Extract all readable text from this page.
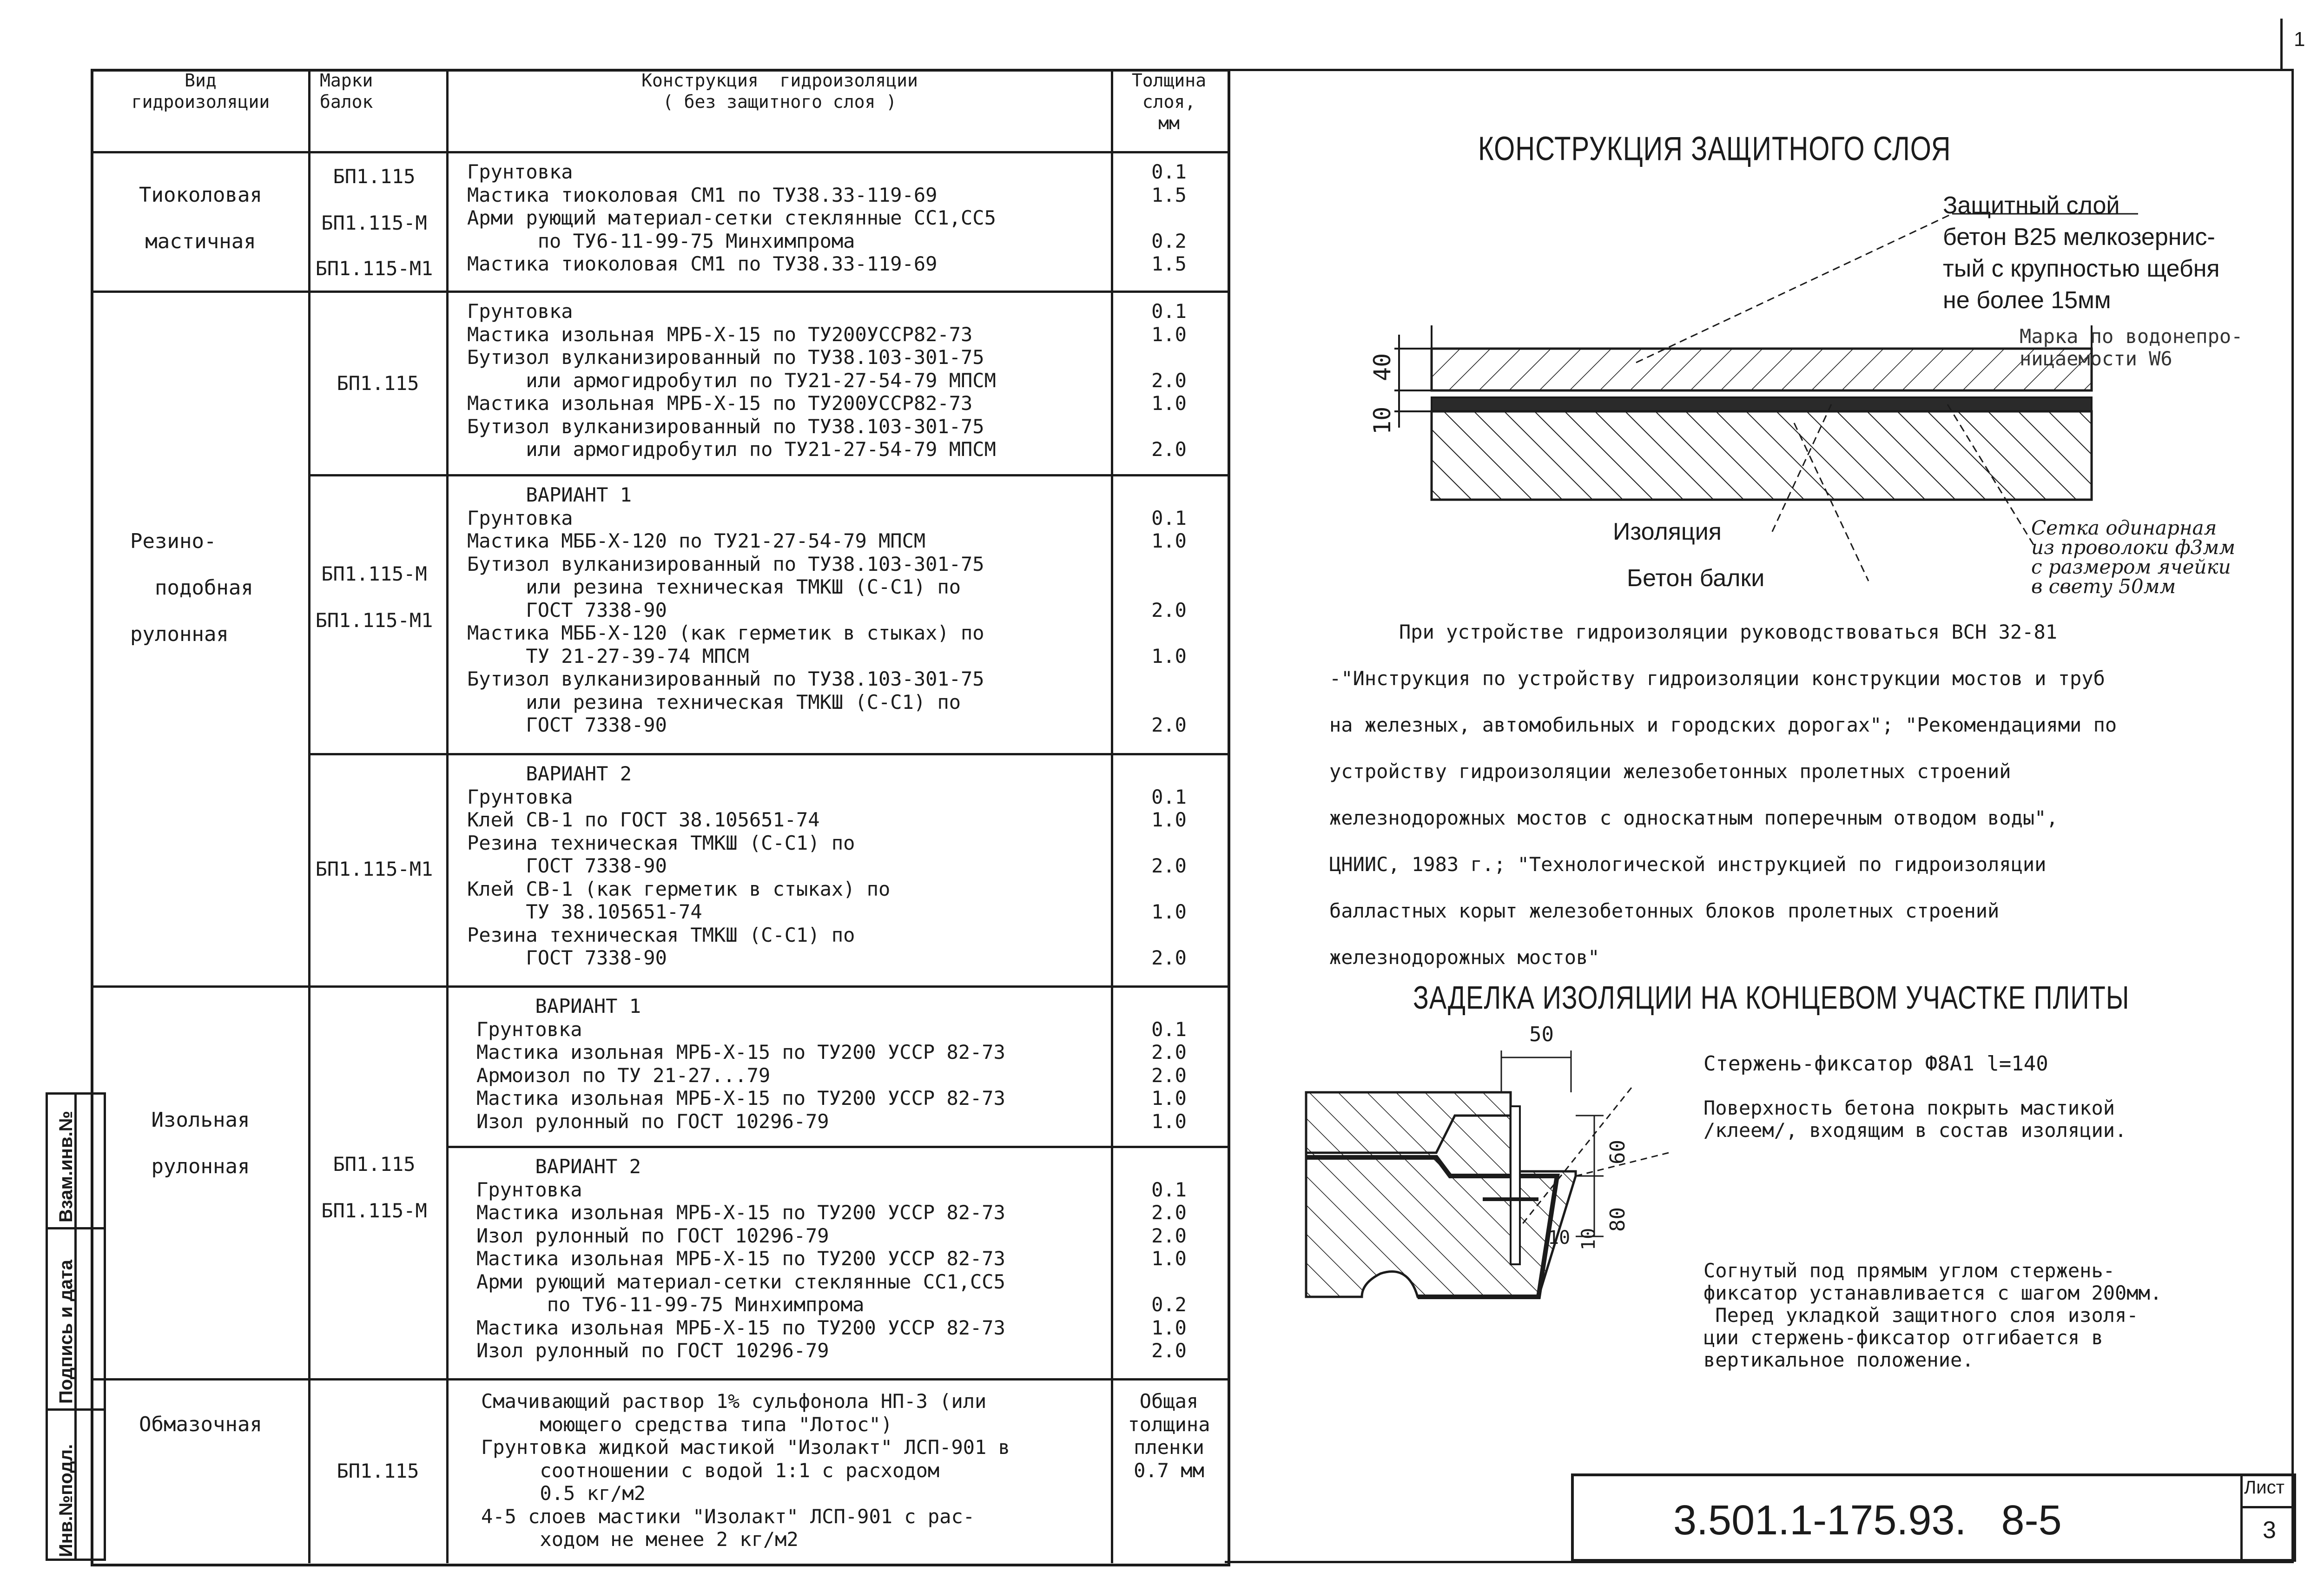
1
Вид
гидроизоляции
Марки
балок
Конструкция  гидроизоляции
( без защитного слоя )
Толщина
слоя,
мм
Тиоколовая

мастичная
БП1.115
БП1.115-М
БП1.115-М1
Грунтовка
Мастика тиоколовая СМ1 по ТУ38.33-119-69
Арми рующий материал-сетки стеклянные СС1,СС5
по ТУ6-11-99-75 Минхимпрома
Мастика тиоколовая СМ1 по ТУ38.33-119-69
0.1
1.5

0.2
1.5
БП1.115
Грунтовка
Мастика изольная МРБ-Х-15 по ТУ200УССР82-73
Бутизол вулканизированный по ТУ38.103-301-75
или армогидробутил по ТУ21-27-54-79 МПСМ
Мастика изольная МРБ-Х-15 по ТУ200УССР82-73
Бутизол вулканизированный по ТУ38.103-301-75
или армогидробутил по ТУ21-27-54-79 МПСМ
0.1
1.0

2.0
1.0

2.0
Резино-

подобная

рулонная
БП1.115-М
БП1.115-М1
ВАРИАНТ 1
Грунтовка
Мастика МББ-Х-120 по ТУ21-27-54-79 МПСМ
Бутизол вулканизированный по ТУ38.103-301-75
или резина техническая ТМКШ (С-С1) по
ГОСТ 7338-90
Мастика МББ-Х-120 (как герметик в стыках) по
ТУ 21-27-39-74 МПСМ
Бутизол вулканизированный по ТУ38.103-301-75
или резина техническая ТМКШ (С-С1) по
ГОСТ 7338-90

0.1
1.0

2.0

1.0

2.0
БП1.115-М1
ВАРИАНТ 2
Грунтовка
Клей СВ-1 по ГОСТ 38.105651-74
Резина техническая ТМКШ (С-С1) по
ГОСТ 7338-90
Клей СВ-1 (как герметик в стыках) по
ТУ 38.105651-74
Резина техническая ТМКШ (С-С1) по
ГОСТ 7338-90

0.1
1.0

2.0

1.0

2.0
Изольная

рулонная	БП1.115
БП1.115-М
ВАРИАНТ 1
Грунтовка
Мастика изольная МРБ-Х-15 по ТУ200 УССР 82-73
Армоизол по ТУ 21-27...79
Мастика изольная МРБ-Х-15 по ТУ200 УССР 82-73
Изол рулонный по ГОСТ 10296-79

0.1
2.0
2.0
1.0
1.0
ВАРИАНТ 2
Грунтовка
Мастика изольная МРБ-Х-15 по ТУ200 УССР 82-73
Изол рулонный по ГОСТ 10296-79
Мастика изольная МРБ-Х-15 по ТУ200 УССР 82-73
Арми рующий материал-сетки стеклянные СС1,СС5
по ТУ6-11-99-75 Минхимпрома
Мастика изольная МРБ-Х-15 по ТУ200 УССР 82-73
Изол рулонный по ГОСТ 10296-79

0.1
2.0
2.0
1.0

0.2
1.0
2.0
Обмазочная
БП1.115
Смачивающий раствор 1% сульфонола НП-3 (или
моющего средства типа "Лотос")
Грунтовка жидкой мастикой "Изолакт" ЛСП-901 в
соотношении с водой 1:1 с расходом
0.5 кг/м2
4-5 слоев мастики "Изолакт" ЛСП-901 с рас-
ходом не менее 2 кг/м2
Общая
толщина
пленки
0.7 мм
Взам.инв.№
Подпись и дата
Инв.№подл.
КОНСТРУКЦИЯ ЗАЩИТНОГО СЛОЯ
Защитный слой
бетон В25 мелкозернис-
тый с крупностью щебня
не более 15мм
Марка по водонепро-
ницаемости W6
40
10
Изоляция
Бетон балки
Сетка одинарная
из проволоки ф3мм
с размером ячейки
в свету 50мм
При устройстве гидроизоляции руководствоваться ВСН 32-81
-"Инструкция по устройству гидроизоляции конструкции мостов и труб
на железных, автомобильных и городских дорогах"; "Рекомендациями по
устройству гидроизоляции железобетонных пролетных строений
железнодорожных мостов с односкатным поперечным отводом воды",
ЦНИИС, 1983 г.; "Технологической инструкцией по гидроизоляции
балластных корыт железобетонных блоков пролетных строений
железнодорожных мостов"
ЗАДЕЛКА ИЗОЛЯЦИИ НА КОНЦЕВОМ УЧАСТКЕ ПЛИТЫ
50
60
80
10 10
Стержень-фиксатор Ф8А1 l=140
Поверхность бетона покрыть мастикой
/клеем/, входящим в состав изоляции.
Согнутый под прямым углом стержень-
фиксатор устанавливается с шагом 200мм.
Перед укладкой защитного слоя изоля-
ции стержень-фиксатор отгибается в
вертикальное положение.
3.501.1-175.93.   8-5
Лист
3
